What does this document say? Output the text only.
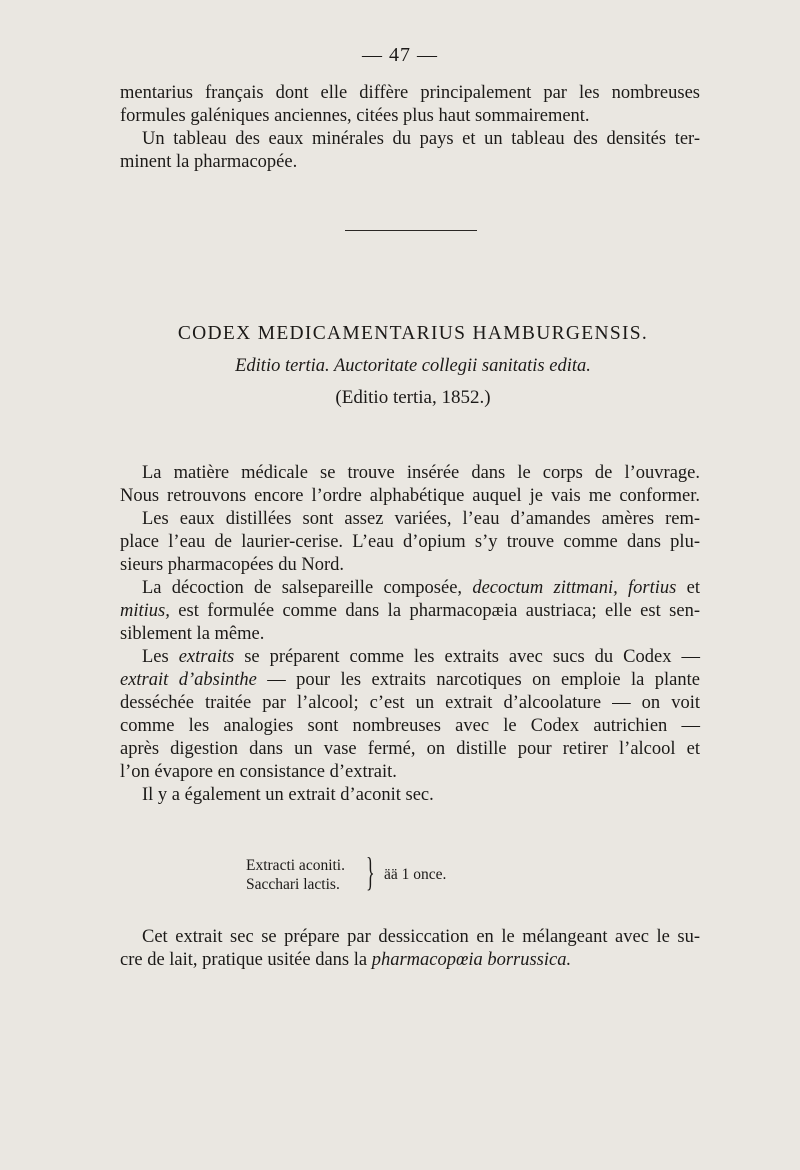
— 47 —
mentarius français dont elle diffère principalement par les nombreuses
formules galéniques anciennes, citées plus haut sommairement.
Un tableau des eaux minérales du pays et un tableau des densités ter-
minent la pharmacopée.
CODEX MEDICAMENTARIUS HAMBURGENSIS.
Editio tertia. Auctoritate collegii sanitatis edita.
(Editio tertia, 1852.)
La matière médicale se trouve insérée dans le corps de l’ouvrage.
Nous retrouvons encore l’ordre alphabétique auquel je vais me conformer.
Les eaux distillées sont assez variées, l’eau d’amandes amères rem-
place l’eau de laurier-cerise. L’eau d’opium s’y trouve comme dans plu-
sieurs pharmacopées du Nord.
La décoction de salsepareille composée, decoctum zittmani, fortius et
mitius, est formulée comme dans la pharmacopæia austriaca; elle est sen-
siblement la même.
Les extraits se préparent comme les extraits avec sucs du Codex —
extrait d’absinthe — pour les extraits narcotiques on emploie la plante
desséchée traitée par l’alcool; c’est un extrait d’alcoolature — on voit
comme les analogies sont nombreuses avec le Codex autrichien —
après digestion dans un vase fermé, on distille pour retirer l’alcool et
l’on évapore en consistance d’extrait.
Il y a également un extrait d’aconit sec.
Extracti aconiti.
Sacchari lactis. } ää 1 once.
Cet extrait sec se prépare par dessiccation en le mélangeant avec le su-
cre de lait, pratique usitée dans la pharmacopœia borrussica.
